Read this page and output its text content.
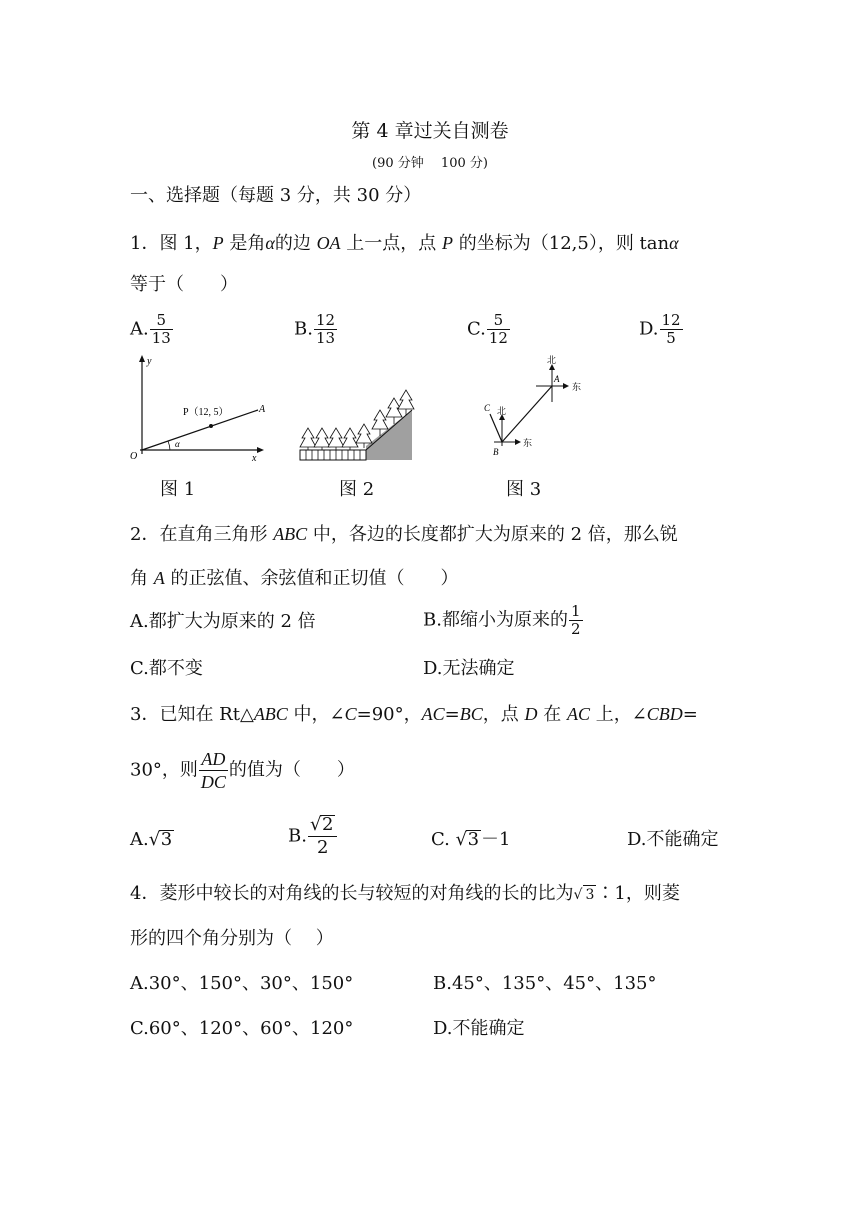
第 4 章过关自测卷
(90 分钟　 100 分)
一、选择题（每题 3 分，共 30 分）
1．图 1，P 是角α的边 OA 上一点，点 P 的坐标为（12,5），则 tanα
等于（　　）
A. $\frac{5}{13}$	B. $\frac{12}{13}$	C. $\frac{5}{12}$	D. $\frac{12}{5}$
y
x
O
P（12, 5）	A
α
图 1	图 2
北
东
A
北
东
B
C
图 3
2．在直角三角形 ABC 中，各边的长度都扩大为原来的 2 倍，那么锐
角 A 的正弦值、余弦值和正切值（　　）
A.都扩大为原来的 2 倍	B.都缩小为原来的 $\frac{1}{2}$
C.都不变	D.无法确定
3．已知在 Rt△ABC 中，∠C=90°，AC=BC，点 D 在 AC 上，∠CBD=
30°，则 $\frac{AD}{DC}$ 的值为（　　）
A. √ 3	B. $\frac{√ 2}{2}$	C. √ 3 －1	D.不能确定
4．菱形中较长的对角线的长与较短的对角线的长的比为 √ 3 ∶1，则菱
形的四个角分别为（　 ）
A.30°、150°、30°、150°	B.45°、135°、45°、135°
C.60°、120°、60°、120°	D.不能确定
